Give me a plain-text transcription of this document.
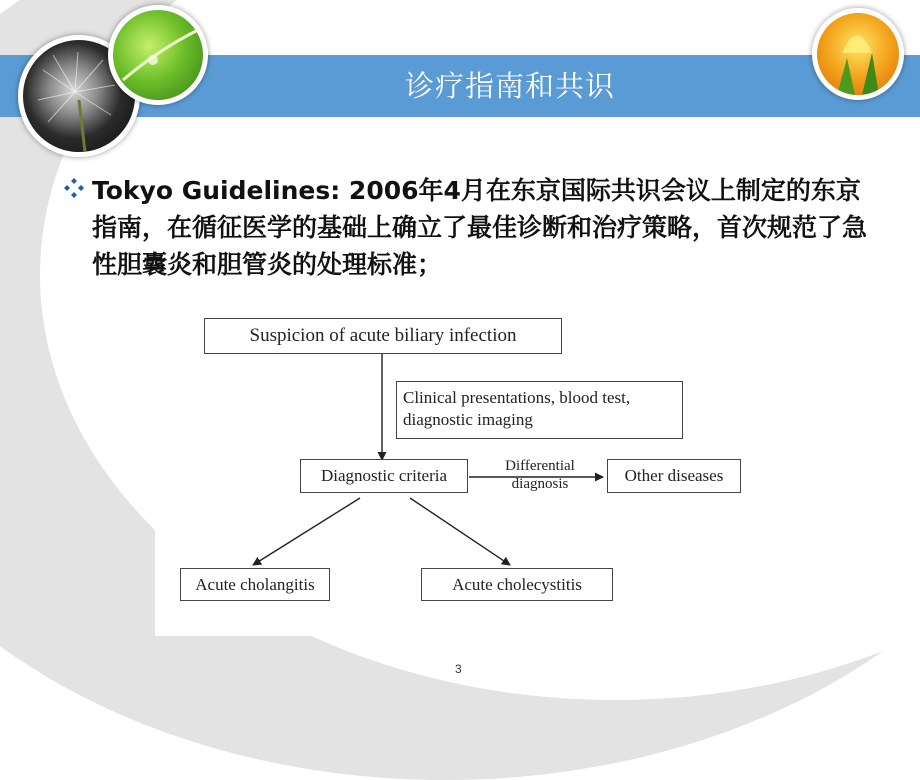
诊疗指南和共识
Tokyo Guidelines: 2006年4月在东京国际共识会议上制定的东京指南，在循征医学的基础上确立了最佳诊断和治疗策略，首次规范了急性胆囊炎和胆管炎的处理标准；
Suspicion of acute biliary infection
Clinical presentations, blood test,
diagnostic imaging
Diagnostic criteria	Differential
diagnosis	Other diseases
Acute cholangitis	Acute cholecystitis
3
